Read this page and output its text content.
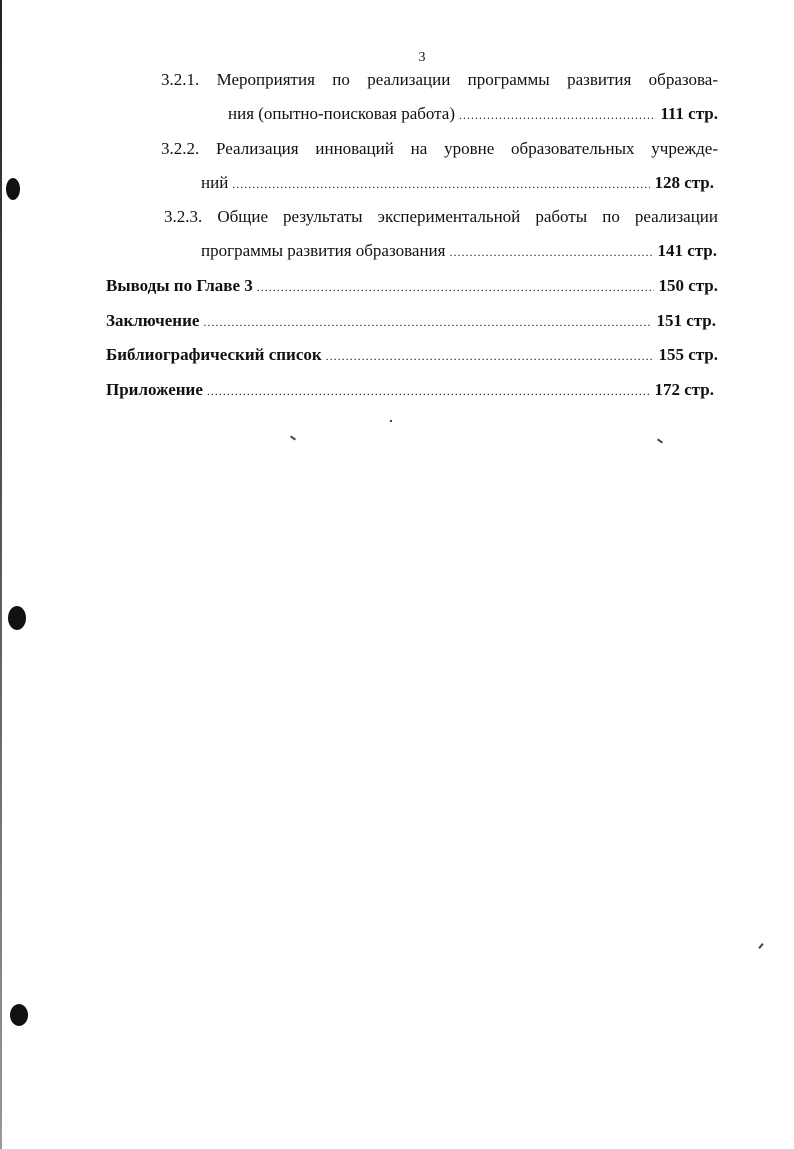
3
3.2.1. Мероприятия по реализации программы развития образова-
ния (опытно-поисковая работа) .....	111 стр.
3.2.2. Реализация инноваций на уровне образовательных учрежде-
ний .....	128 стр.
3.2.3. Общие результаты экспериментальной работы по реализации
программы развития образования .....	141 стр.
Выводы по Главе 3 .....	150 стр.
Заключение .....	151 стр.
Библиографический список .....	155 стр.
Приложение .....	172 стр.
